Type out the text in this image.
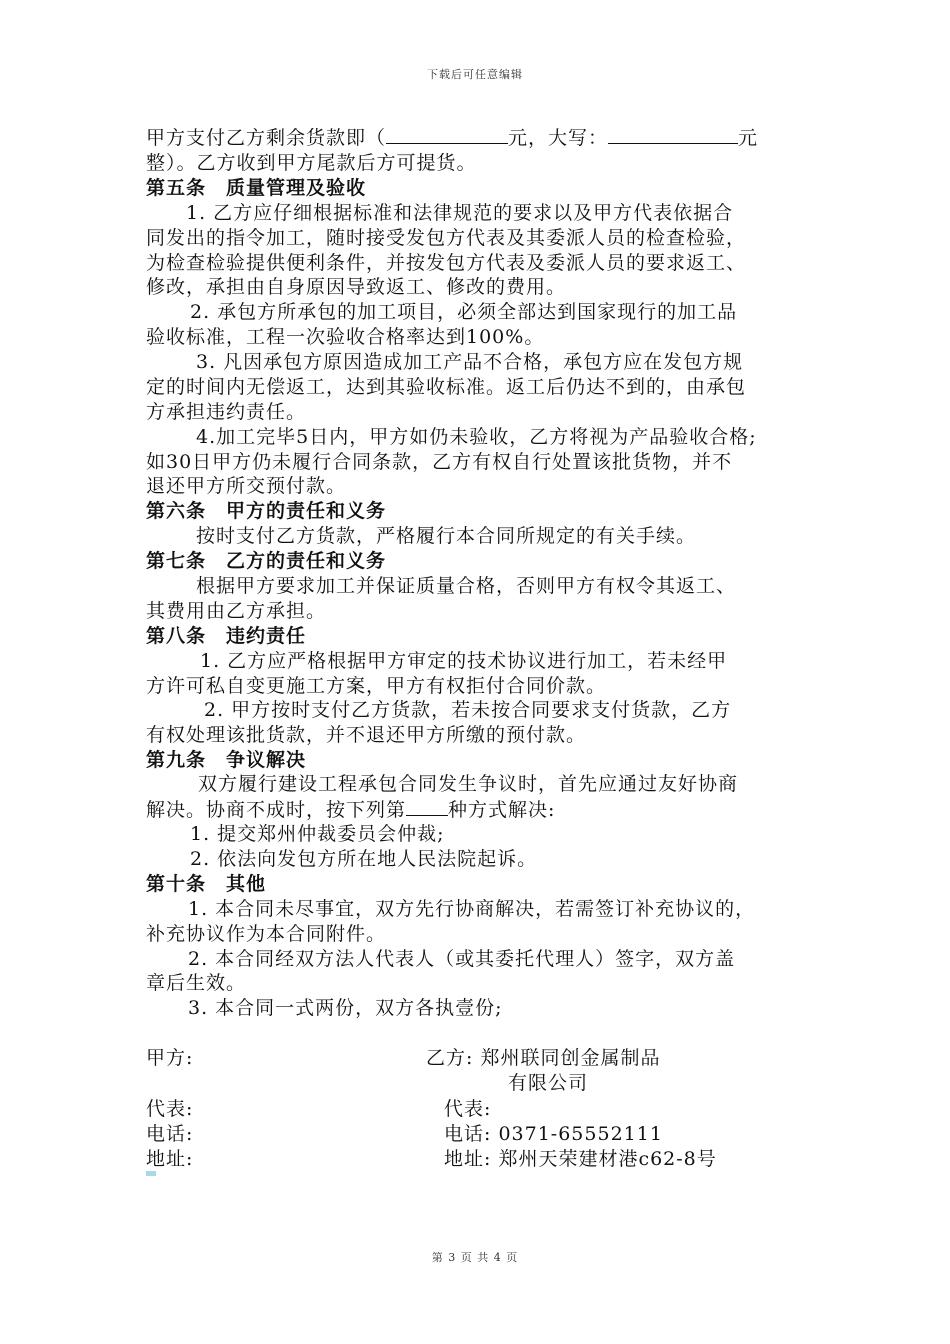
下载后可任意编辑
甲方支付乙方剩余货款即（	元，大写：	元
整）。乙方收到甲方尾款后方可提货。
第五条　质量管理及验收
1. 乙方应仔细根据标准和法律规范的要求以及甲方代表依据合
同发出的指令加工，随时接受发包方代表及其委派人员的检查检验，
为检查检验提供便利条件，并按发包方代表及委派人员的要求返工、
修改，承担由自身原因导致返工、修改的费用。
2. 承包方所承包的加工项目，必须全部达到国家现行的加工品
验收标准，工程一次验收合格率达到100%。
3. 凡因承包方原因造成加工产品不合格，承包方应在发包方规
定的时间内无偿返工，达到其验收标准。返工后仍达不到的，由承包
方承担违约责任。
4.加工完毕5日内，甲方如仍未验收，乙方将视为产品验收合格;
如30日甲方仍未履行合同条款，乙方有权自行处置该批货物，并不
退还甲方所交预付款。
第六条　甲方的责任和义务
按时支付乙方货款，严格履行本合同所规定的有关手续。
第七条　乙方的责任和义务
根据甲方要求加工并保证质量合格，否则甲方有权令其返工、
其费用由乙方承担。
第八条　违约责任
1. 乙方应严格根据甲方审定的技术协议进行加工，若未经甲
方许可私自变更施工方案，甲方有权拒付合同价款。
2. 甲方按时支付乙方货款，若未按合同要求支付货款，乙方
有权处理该批货款，并不退还甲方所缴的预付款。
第九条　争议解决
双方履行建设工程承包合同发生争议时，首先应通过友好协商
解决。协商不成时，按下列第 种方式解决:
1. 提交郑州仲裁委员会仲裁;
2. 依法向发包方所在地人民法院起诉。
第十条　其他
1. 本合同未尽事宜，双方先行协商解决，若需签订补充协议的，
补充协议作为本合同附件。
2. 本合同经双方法人代表人（或其委托代理人）签字，双方盖
章后生效。
3. 本合同一式两份，双方各执壹份;
甲方:	乙方: 郑州联同创金属制品
有限公司
代表:	代表:
电话:	电话: 0371-65552111
地址:	地址: 郑州天荣建材港c62-8号
第 3 页 共 4 页
